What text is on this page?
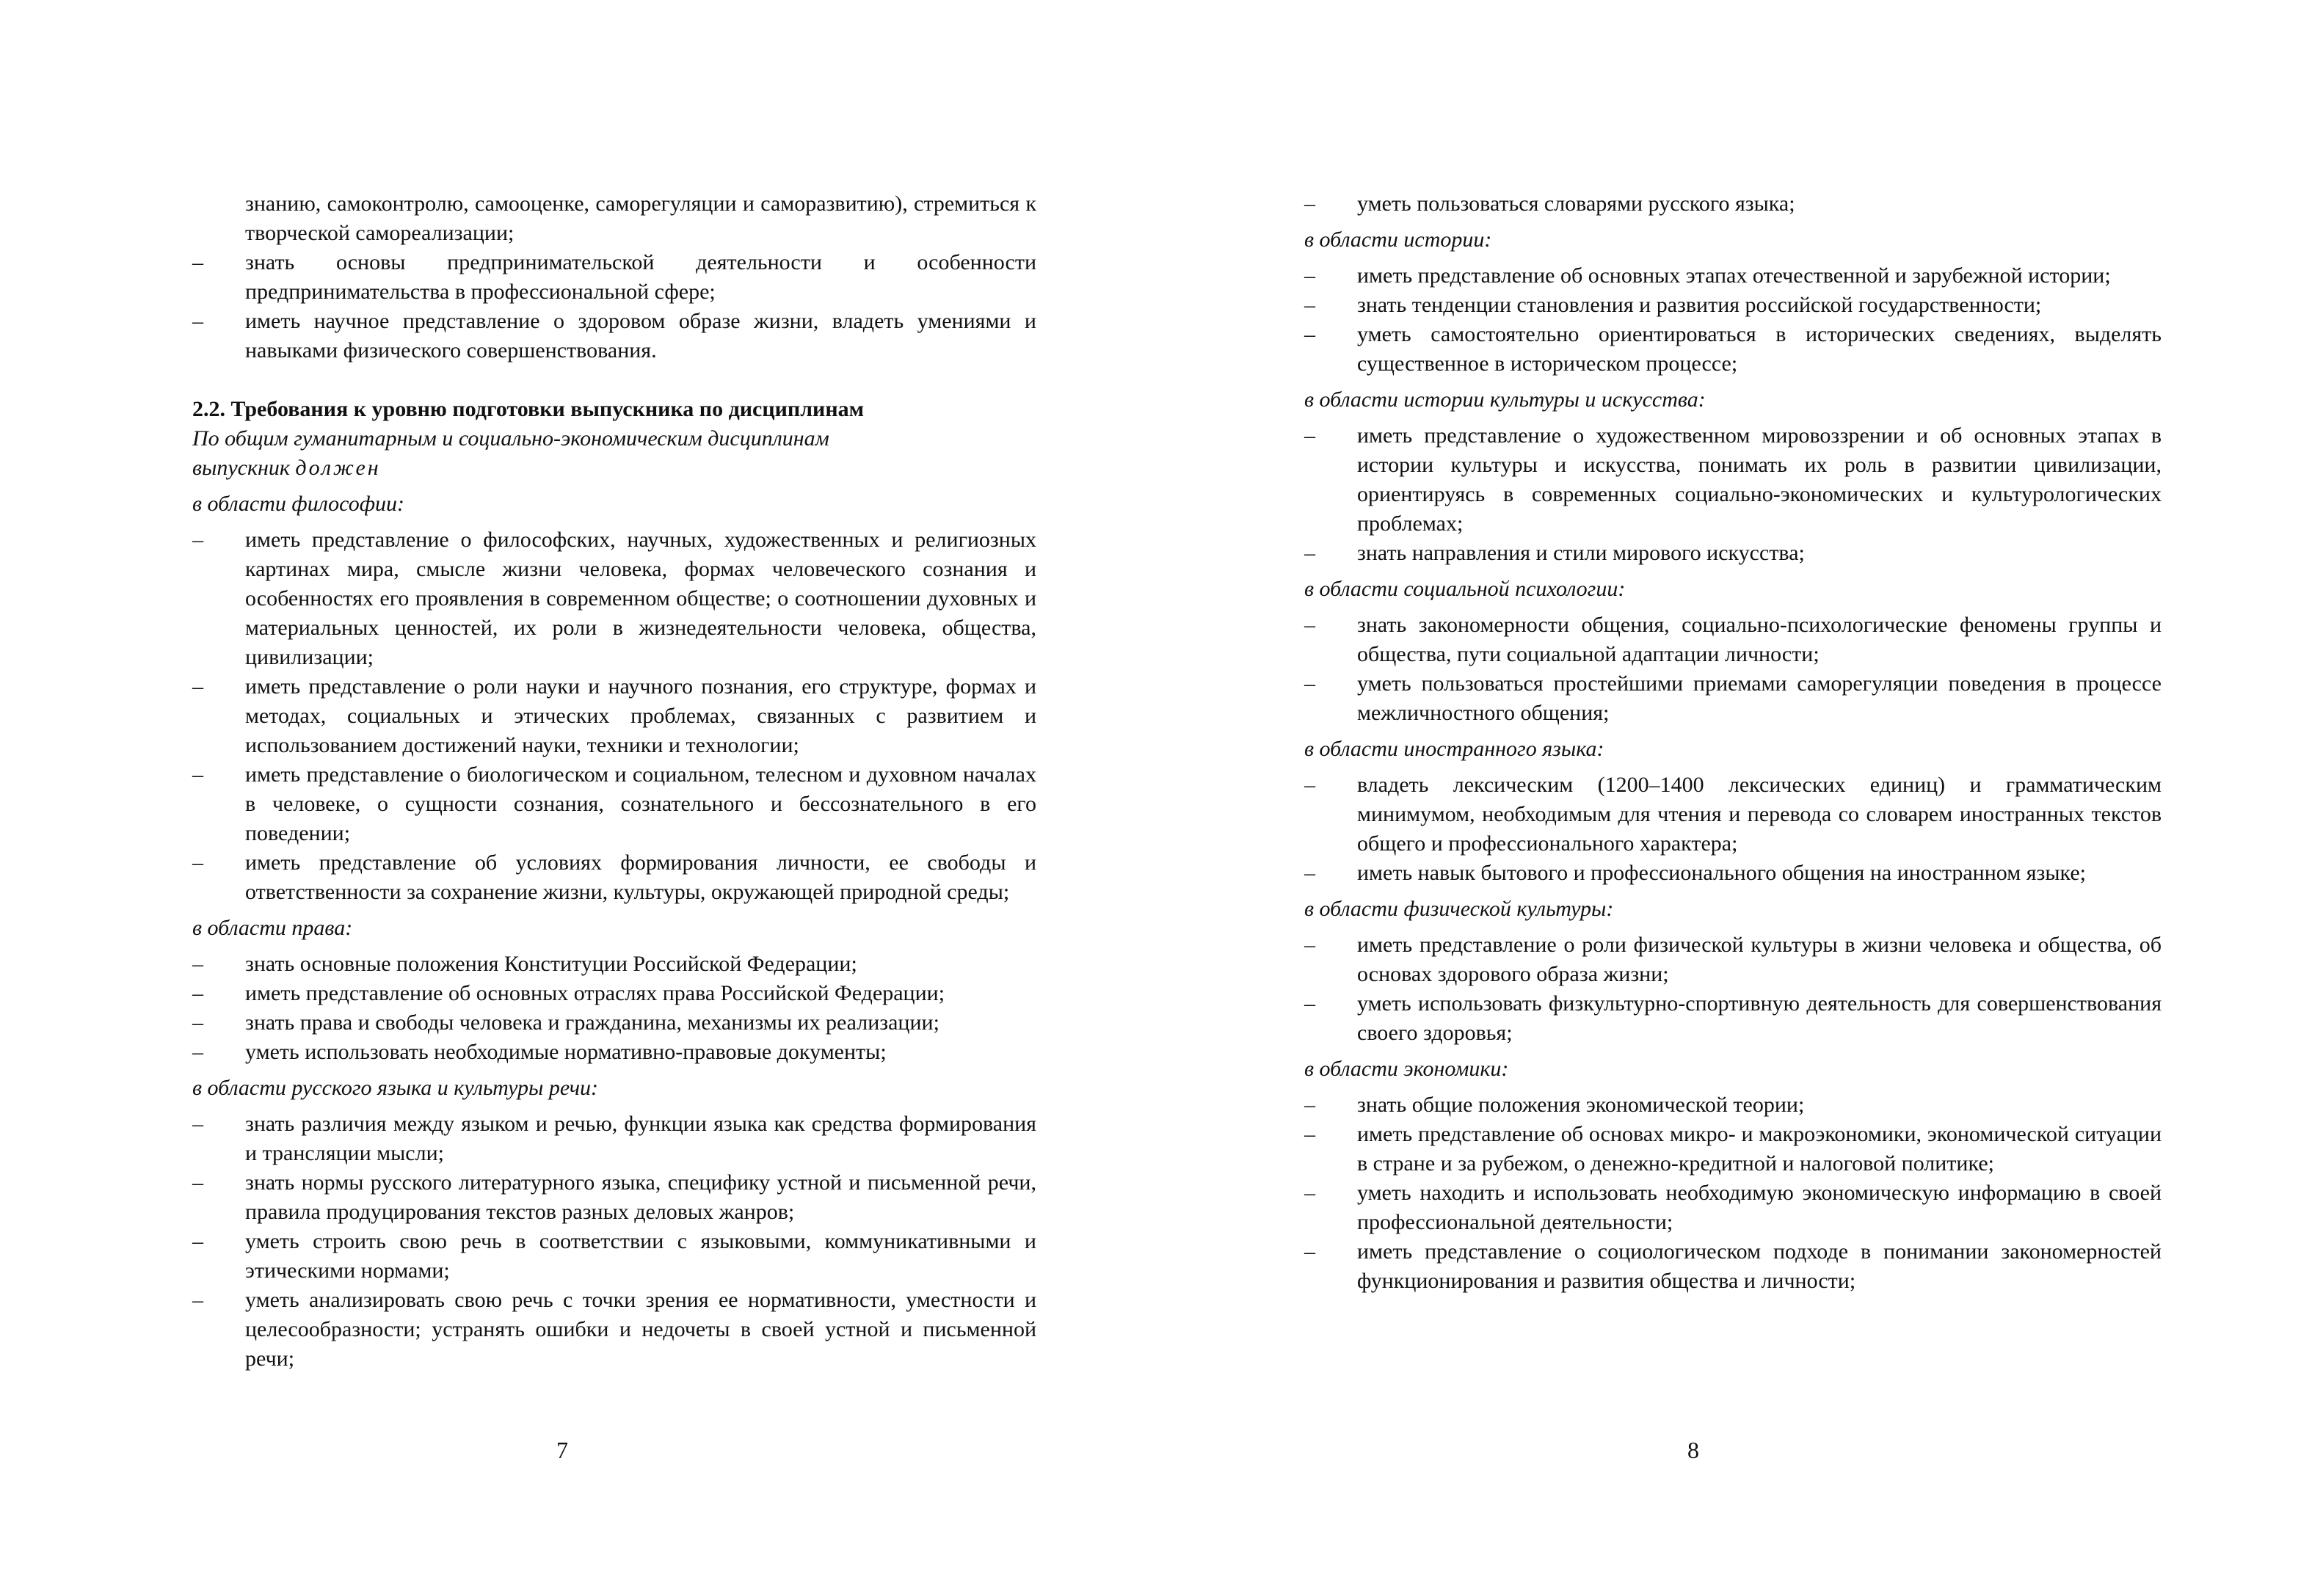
знанию, самоконтролю, самооценке, саморегуляции и саморазвитию), стремиться к творческой самореализации;
– знать основы предпринимательской деятельности и особенности предпринимательства в профессиональной сфере;
– иметь научное представление о здоровом образе жизни, владеть умениями и навыками физического совершенствования.
2.2. Требования к уровню подготовки выпускника по дисциплинам
По общим гуманитарным и социально-экономическим дисциплинам
выпускник должен
в области философии:
– иметь представление о философских, научных, художественных и религиозных картинах мира, смысле жизни человека, формах человеческого сознания и особенностях его проявления в современном обществе; о соотношении духовных и материальных ценностей, их роли в жизнедеятельности человека, общества, цивилизации;
– иметь представление о роли науки и научного познания, его структуре, формах и методах, социальных и этических проблемах, связанных с развитием и использованием достижений науки, техники и технологии;
– иметь представление о биологическом и социальном, телесном и духовном началах в человеке, о сущности сознания, сознательного и бессознательного в его поведении;
– иметь представление об условиях формирования личности, ее свободы и ответственности за сохранение жизни, культуры, окружающей природной среды;
в области права:
– знать основные положения Конституции Российской Федерации;
– иметь представление об основных отраслях права Российской Федерации;
– знать права и свободы человека и гражданина, механизмы их реализации;
– уметь использовать необходимые нормативно-правовые документы;
в области русского языка и культуры речи:
– знать различия между языком и речью, функции языка как средства формирования и трансляции мысли;
– знать нормы русского литературного языка, специфику устной и письменной речи, правила продуцирования текстов разных деловых жанров;
– уметь строить свою речь в соответствии с языковыми, коммуникативными и этическими нормами;
– уметь анализировать свою речь с точки зрения ее нормативности, уместности и целесообразности; устранять ошибки и недочеты в своей устной и письменной речи;
7
– уметь пользоваться словарями русского языка;
в области истории:
– иметь представление об основных этапах отечественной и зарубежной истории;
– знать тенденции становления и развития российской государственности;
– уметь самостоятельно ориентироваться в исторических сведениях, выделять существенное в историческом процессе;
в области истории культуры и искусства:
– иметь представление о художественном мировоззрении и об основных этапах в истории культуры и искусства, понимать их роль в развитии цивилизации, ориентируясь в современных социально-экономических и культурологических проблемах;
– знать направления и стили мирового искусства;
в области социальной психологии:
– знать закономерности общения, социально-психологические феномены группы и общества, пути социальной адаптации личности;
– уметь пользоваться простейшими приемами саморегуляции поведения в процессе   межличностного общения;
в области иностранного языка:
– владеть лексическим (1200–1400 лексических единиц) и грамматическим минимумом, необходимым для чтения и перевода со словарем иностранных текстов общего и профессионального характера;
– иметь навык бытового и профессионального общения на иностранном языке;
в области физической культуры:
– иметь представление о роли физической культуры в жизни человека и общества, об основах здорового образа жизни;
– уметь использовать физкультурно-спортивную деятельность для совершенствования своего здоровья;
в области экономики:
– знать общие положения экономической теории;
– иметь представление об основах микро- и макроэкономики, экономической ситуации в стране и за рубежом, о денежно-кредитной и налоговой политике;
– уметь находить и использовать необходимую экономическую информацию в своей профессиональной деятельности;
– иметь представление о социологическом подходе в понимании закономерностей функционирования и развития общества и личности;
8
